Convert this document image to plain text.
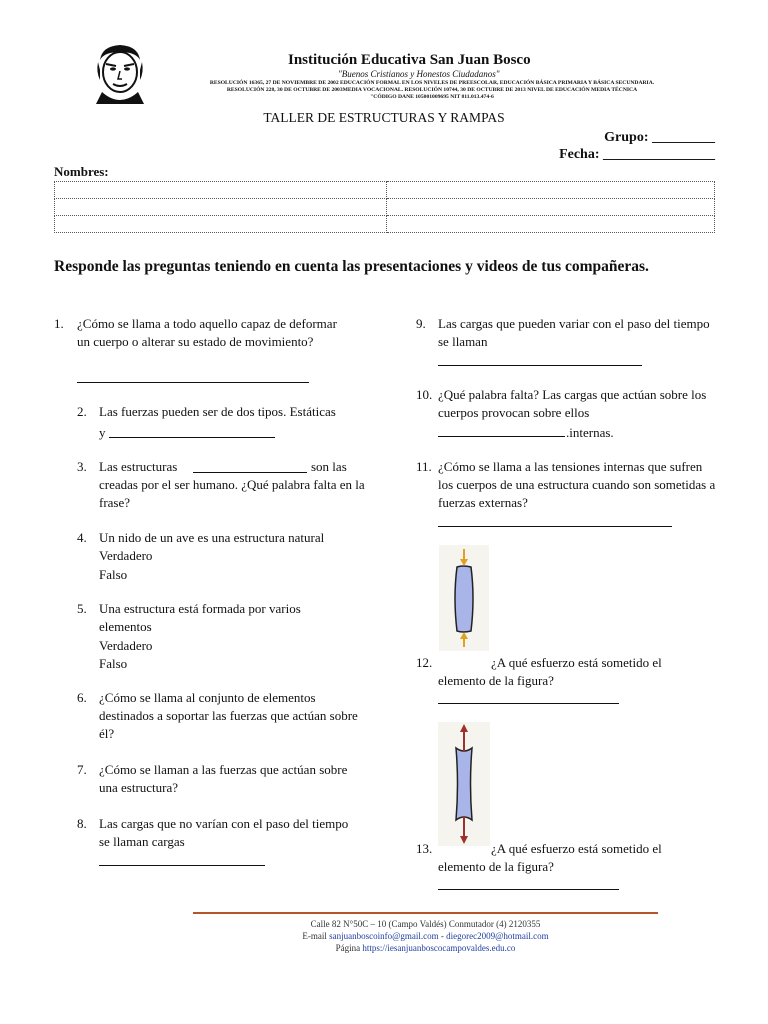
Institución Educativa San Juan Bosco
"Buenos Cristianos y Honestos Ciudadanos"
RESOLUCIÓN 16365, 27 DE NOVIEMBRE DE 2002 EDUCACIÓN FORMAL EN LOS NIVELES DE PREESCOLAR, EDUCACIÓN BÁSICA PRIMARIA Y BÁSICA SECUNDARIA.
RESOLUCIÓN 228, 30 DE OCTUBRE DE 2003MEDIA VOCACIONAL. RESOLUCIÓN 10744, 30 DE OCTUBRE DE 2013 NIVEL DE EDUCACIÓN MEDIA TÉCNICA
"CÓDIGO DANE 105001009695 NIT 811.013.474-6
TALLER DE ESTRUCTURAS Y RAMPAS
Grupo: _________
Fecha: ________________
Nombres:

Responde las preguntas teniendo en cuenta las presentaciones y videos de tus compañeras.
1.	¿Cómo se llama a todo aquello capaz de deformar un cuerpo o alterar su estado de movimiento?
2. Las fuerzas pueden ser de dos tipos. Estáticas
y
3. Las estructuras	son las creadas por el ser humano. ¿Qué palabra falta en la frase?
4. Un nido de un ave es una estructura natural
Verdadero
Falso
5. Una estructura está formada por varios elementos
Verdadero
Falso
6. ¿Cómo se llama al conjunto de elementos destinados a soportar las fuerzas que actúan sobre él?
7. ¿Cómo se llaman a las fuerzas que actúan sobre una estructura?
8. Las cargas que no varían con el paso del tiempo se llaman cargas
9. Las cargas que pueden variar con el paso del tiempo se llaman
10. ¿Qué palabra falta? Las cargas que actúan sobre los cuerpos provocan sobre ellos
.internas.
11. ¿Cómo se llama a las tensiones internas que sufren los cuerpos de una estructura cuando son sometidas a fuerzas externas?
12.	¿A qué esfuerzo está sometido el
elemento de la figura?
13.	¿A qué esfuerzo está sometido el
elemento de la figura?
Calle 82 N°50C – 10 (Campo Valdés) Conmutador (4) 2120355
E-mail sanjuanboscoinfo@gmail.com - diegorec2009@hotmail.com
Página https://iesanjuanboscocampovaldes.edu.co
